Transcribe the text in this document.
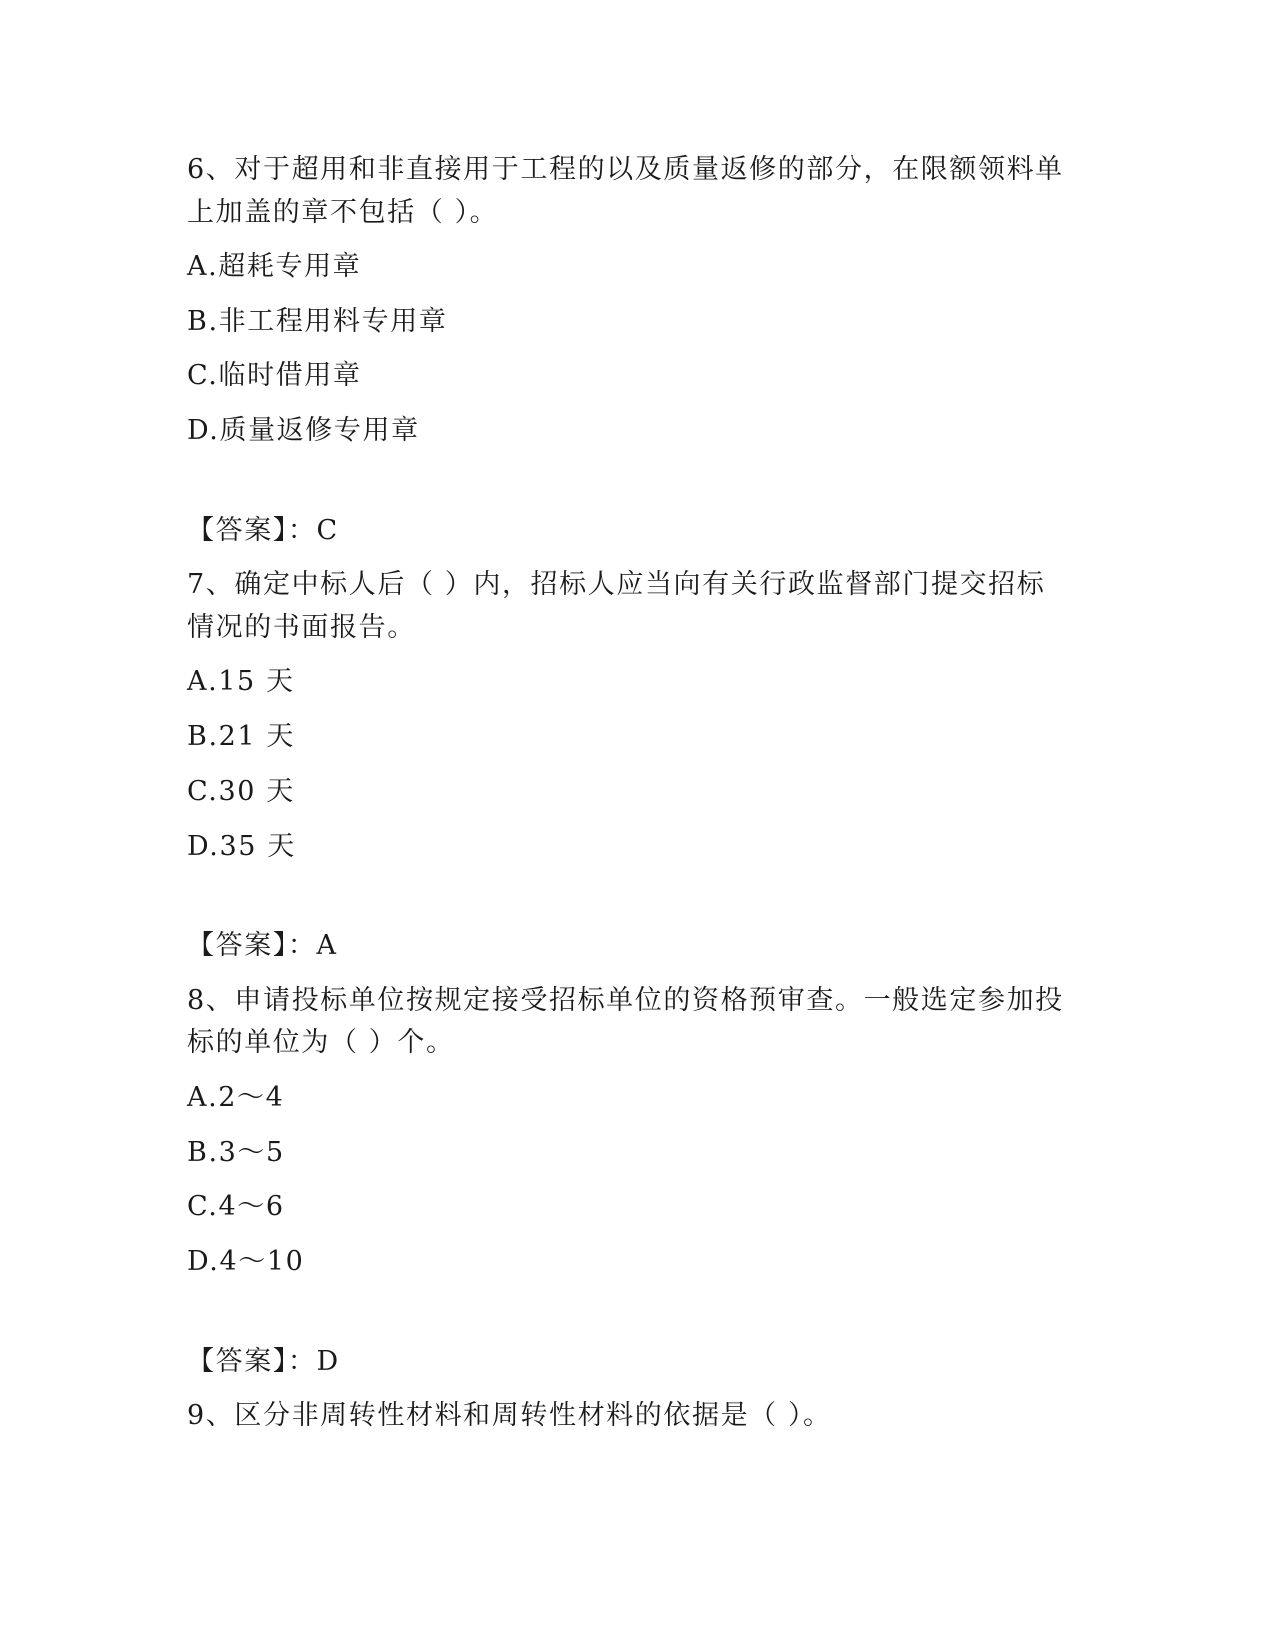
6、对于超用和非直接用于工程的以及质量返修的部分，在限额领料单
上加盖的章不包括（ ）。
A.超耗专用章
B.非工程用料专用章
C.临时借用章
D.质量返修专用章
【答案】：C
7、确定中标人后（ ）内，招标人应当向有关行政监督部门提交招标
情况的书面报告。
A.15 天
B.21 天
C.30 天
D.35 天
【答案】：A
8、申请投标单位按规定接受招标单位的资格预审查。一般选定参加投
标的单位为（ ）个。
A.2～4
B.3～5
C.4～6
D.4～10
【答案】：D
9、区分非周转性材料和周转性材料的依据是（ ）。
